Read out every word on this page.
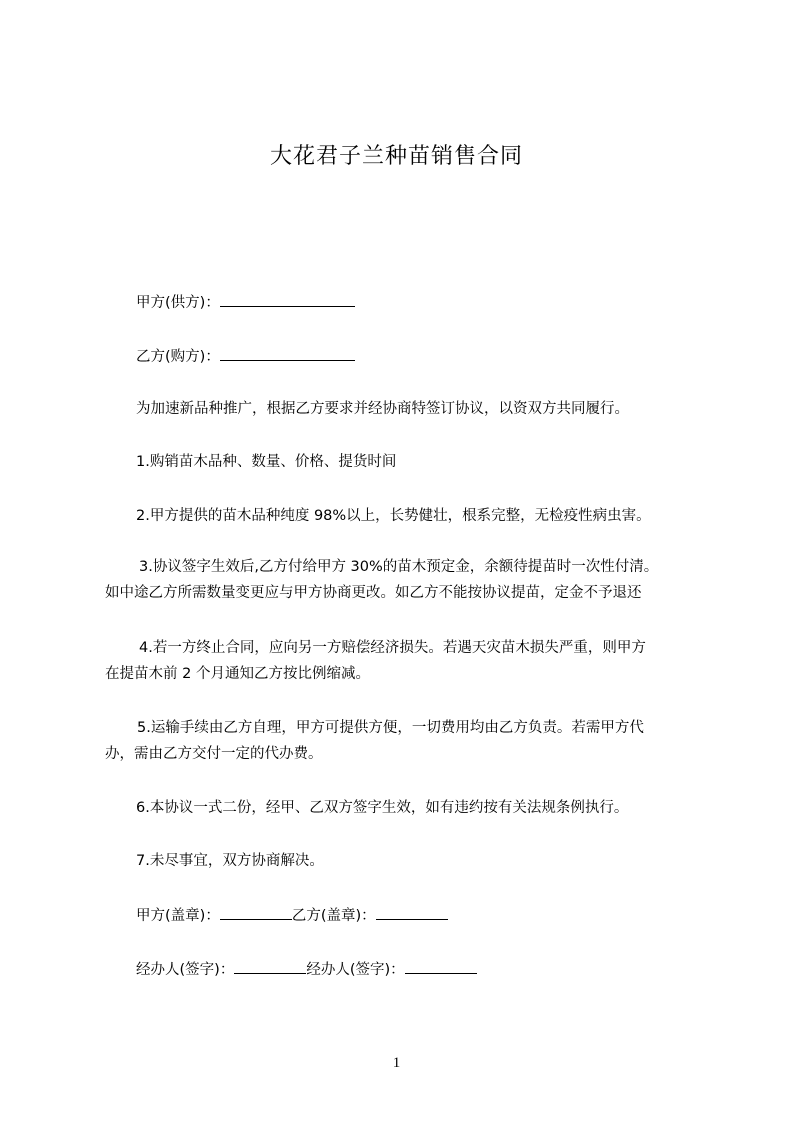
大花君子兰种苗销售合同
甲方(供方)：
乙方(购方)：
为加速新品种推广，根据乙方要求并经协商特签订协议，以资双方共同履行。
1.购销苗木品种、数量、价格、提货时间
2.甲方提供的苗木品种纯度 98%以上，长势健壮，根系完整，无检疫性病虫害。
3.协议签字生效后,乙方付给甲方 30%的苗木预定金，余额待提苗时一次性付清。
如中途乙方所需数量变更应与甲方协商更改。如乙方不能按协议提苗，定金不予退还
4.若一方终止合同，应向另一方赔偿经济损失。若遇天灾苗木损失严重，则甲方
在提苗木前 2 个月通知乙方按比例缩减。
5.运输手续由乙方自理，甲方可提供方便，一切费用均由乙方负责。若需甲方代
办，需由乙方交付一定的代办费。
6.本协议一式二份，经甲、乙双方签字生效，如有违约按有关法规条例执行。
7.未尽事宜，双方协商解决。
甲方(盖章)：	乙方(盖章)：
经办人(签字)：	经办人(签字)：
1
